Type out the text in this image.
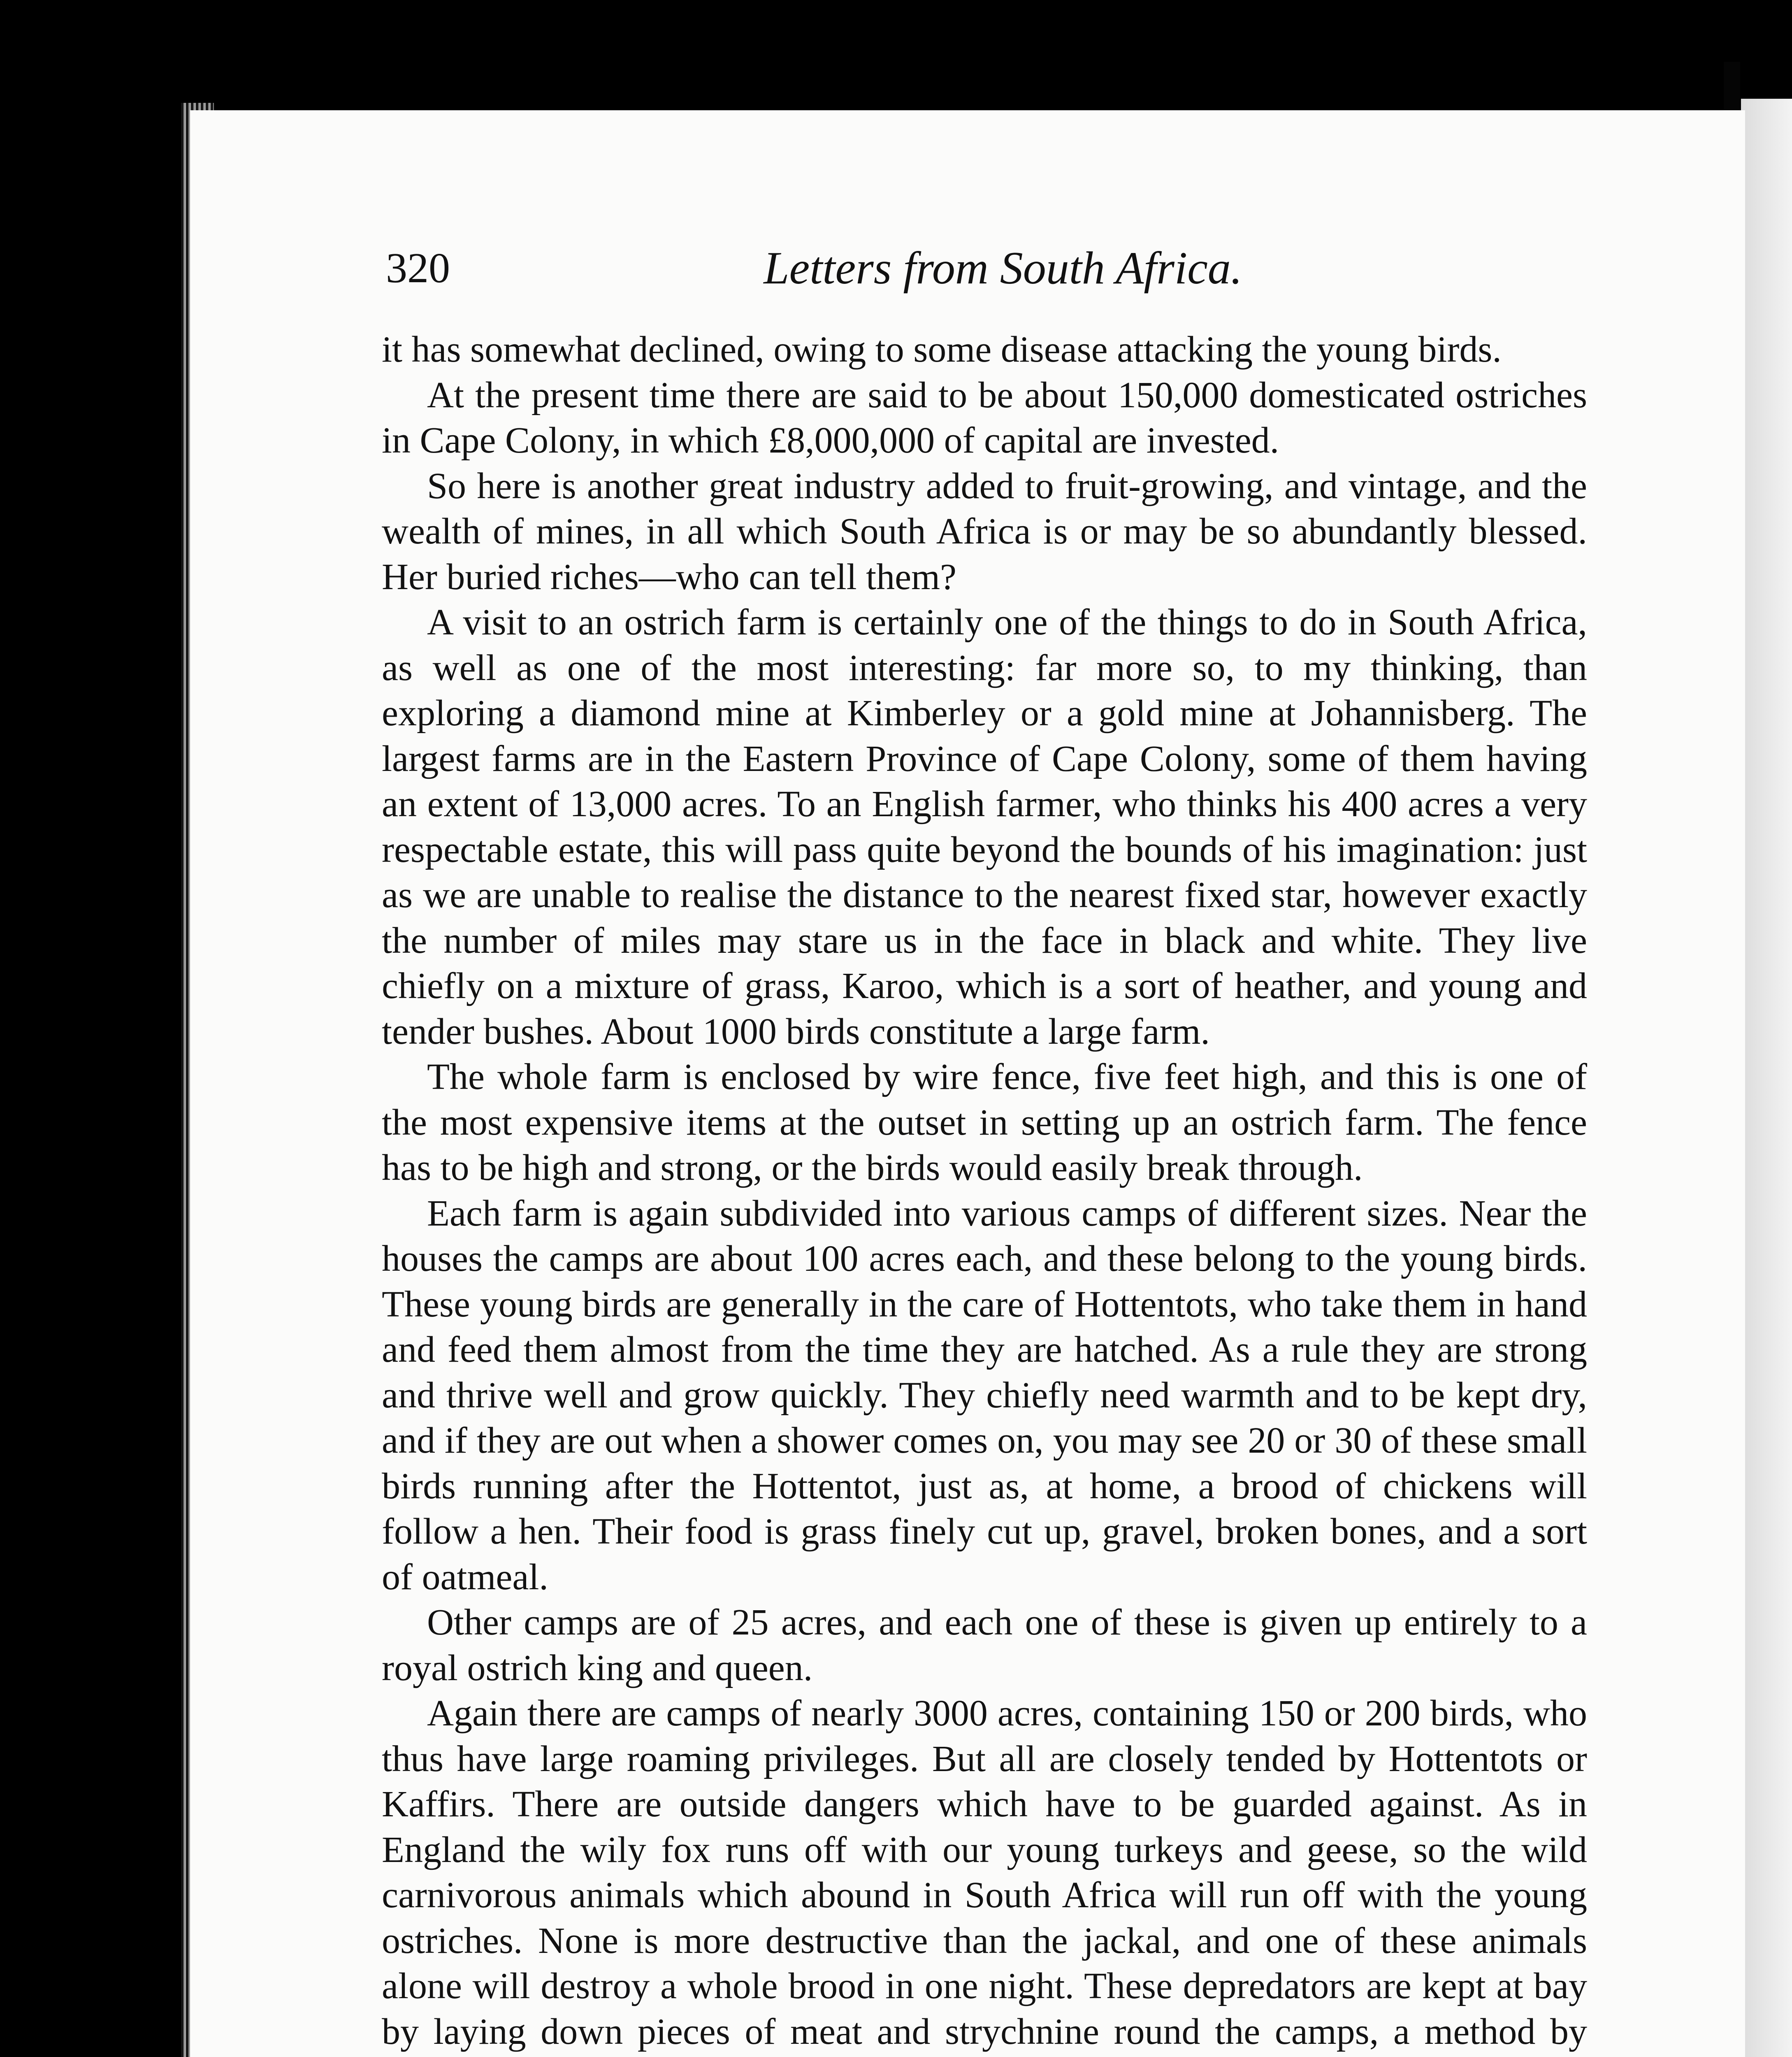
320	Letters from South Africa.

it has somewhat declined, owing to some disease attacking the young birds.

At the present time there are said to be about 150,000 domesticated ostriches in Cape Colony, in which £8,000,000 of capital are invested.

So here is another great industry added to fruit-growing, and vintage, and the wealth of mines, in all which South Africa is or may be so abundantly blessed. Her buried riches—who can tell them?

A visit to an ostrich farm is certainly one of the things to do in South Africa, as well as one of the most interesting: far more so, to my thinking, than exploring a diamond mine at Kimberley or a gold mine at Johannisberg. The largest farms are in the Eastern Province of Cape Colony, some of them having an extent of 13,000 acres. To an English farmer, who thinks his 400 acres a very respectable estate, this will pass quite beyond the bounds of his imagination: just as we are unable to realise the distance to the nearest fixed star, however exactly the number of miles may stare us in the face in black and white. They live chiefly on a mixture of grass, Karoo, which is a sort of heather, and young and tender bushes. About 1000 birds constitute a large farm.

The whole farm is enclosed by wire fence, five feet high, and this is one of the most expensive items at the outset in setting up an ostrich farm. The fence has to be high and strong, or the birds would easily break through.

Each farm is again subdivided into various camps of different sizes. Near the houses the camps are about 100 acres each, and these belong to the young birds. These young birds are generally in the care of Hottentots, who take them in hand and feed them almost from the time they are hatched. As a rule they are strong and thrive well and grow quickly. They chiefly need warmth and to be kept dry, and if they are out when a shower comes on, you may see 20 or 30 of these small birds running after the Hottentot, just as, at home, a brood of chickens will follow a hen. Their food is grass finely cut up, gravel, broken bones, and a sort of oatmeal.

Other camps are of 25 acres, and each one of these is given up entirely to a royal ostrich king and queen.

Again there are camps of nearly 3000 acres, containing 150 or 200 birds, who thus have large roaming privileges. But all are closely tended by Hottentots or Kaffirs. There are outside dangers which have to be guarded against. As in England the wily fox runs off with our young turkeys and geese, so the wild carnivorous animals which abound in South Africa will run off with the young ostriches. None is more destructive than the jackal, and one of these animals alone will destroy a whole brood in one night. These depredators are kept at bay by laying down pieces of meat and strychnine round the camps, a method by
